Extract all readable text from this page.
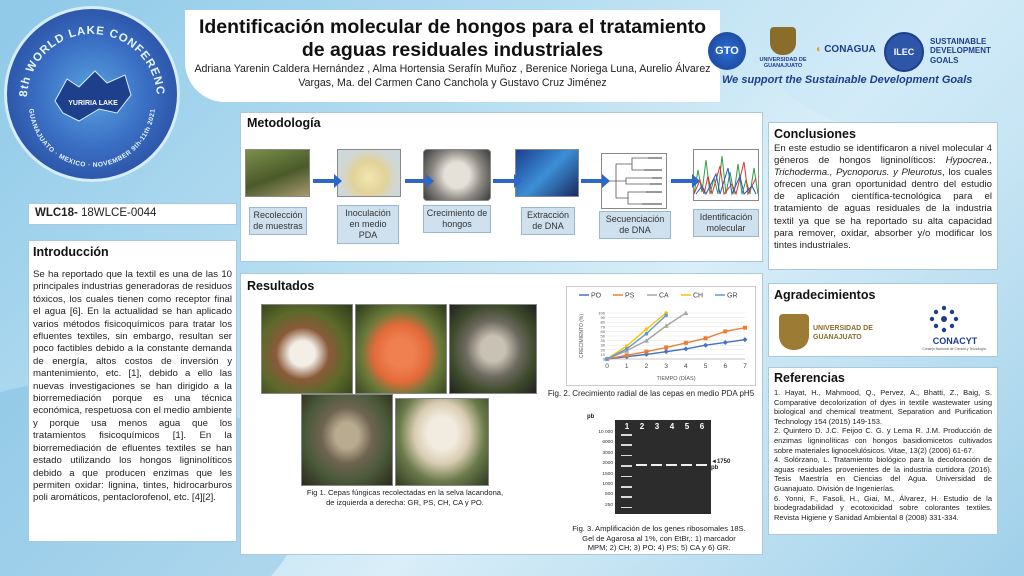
8th WORLD LAKE CONFERENC
GUANAJUATO · MEXICO · NOVEMBER 9th-11th 2021
YURIRIA LAKE
Identificación molecular de hongos para el tratamiento
de aguas residuales industriales
Adriana Yarenin Caldera Hernández , Alma Hortensia Serafín Muñoz , Berenice Noriega Luna, Aurelio Álvarez
Vargas, Ma. del Carmen Cano Canchola y Gustavo Cruz Jiménez
GTO
UNIVERSIDAD DE GUANAJUATO
◐ CONAGUA ILEC
SUSTAINABLE DEVELOPMENT GOALS
We support the Sustainable Development Goals
WLC18- 18WLCE-0044
Introducción
Se ha reportado que la textil es una de las 10 principales industrias generadoras de residuos tóxicos, los cuales tienen como receptor final el agua [6]. En la actualidad se han aplicado varios métodos fisicoquímicos para tratar los efluentes textiles, sin embargo, resultan ser poco factibles debido a la constante demanda de energía, altos costos de inversión y mantenimiento, etc. [1], debido a ello las nuevas investigaciones se han dirigido a la biorremediación porque es una técnica económica, respetuosa con el medio ambiente y porque usa menos agua que los tratamientos fisicoquímicos [1]. En la biorremediación de efluentes textiles se han estado utilizando los hongos ligninolíticos debido a que producen enzimas que les permiten oxidar: lignina, tintes, hidrocarburos poli aromáticos, pentaclorofenol, etc. [4][2].
Metodología
Recolección de muestras
Inoculación en medio PDA
Crecimiento de hongos
Extracción de DNA
Secuenciación de DNA
Identificación molecular
Resultados
Fig 1. Cepas fúngicas recolectadas en la selva lacandona,
de izquierda a derecha: GR, PS, CH, CA y PO.
PO	PS	CA	CH	GR
100
90
80
70
60
50
40
30
20
10
0
0 1 2 3 4 5 6 7
TIEMPO (DÍAS)
CRECIMIENTO (%)
Fig. 2. Crecimiento radial de las cepas en medio PDA pH5
pb
10 000
6000
3000
2000
1500
1000
500
250
1	2	3	4	5	6
◄1750 pb
Fig. 3. Amplificación de los genes ribosomales 18S.
Gel de Agarosa al 1%, con EtBr,: 1) marcador
MPM; 2) CH; 3) PO; 4) PS; 5) CA y 6) GR.
Conclusiones
En este estudio se identificaron a nivel molecular 4 géneros de hongos ligninolíticos: Hypocrea., Trichoderma., Pycnoporus. y Pleurotus, los cuales ofrecen una gran oportunidad dentro del estudio de aplicación científica-tecnológica para el tratamiento de aguas residuales de la industria textil ya que se ha reportado su alta capacidad para remover, oxidar, absorber y/o modificar los tintes industriales.
Agradecimientos
UNIVERSIDAD DE GUANAJUATO	CONACYT
Consejo Nacional de Ciencia y Tecnología
Referencias
1. Hayat, H., Mahmood, Q., Pervez, A., Bhatti, Z., Baig, S. Comparative decolorization of dyes in textile wastewater using biological and chemical treatment. Separation and Purification Technology 154 (2015) 149-153.
2. Quintero D. J.C. Feijoo C. G. y Lema R. J.M. Producción de enzimas ligninolíticas con hongos basidiomicetos cultivados sobre materiales lignocelulósicos. Vitae, 13(2) (2006) 61-67.
4. Solórzano, L. Tratamiento biológico para la decoloración de aguas residuales provenientes de la industria curtidora (2016). Tesis Maestría en Ciencias del Agua. Universidad de Guanajuato. División de Ingenierías.
6. Yonni, F., Fasoli, H., Giai, M., Álvarez, H. Estudio de la biodegradabilidad y ecotoxicidad sobre colorantes textiles. Revista Higiene y Sanidad Ambiental 8 (2008) 331-334.
